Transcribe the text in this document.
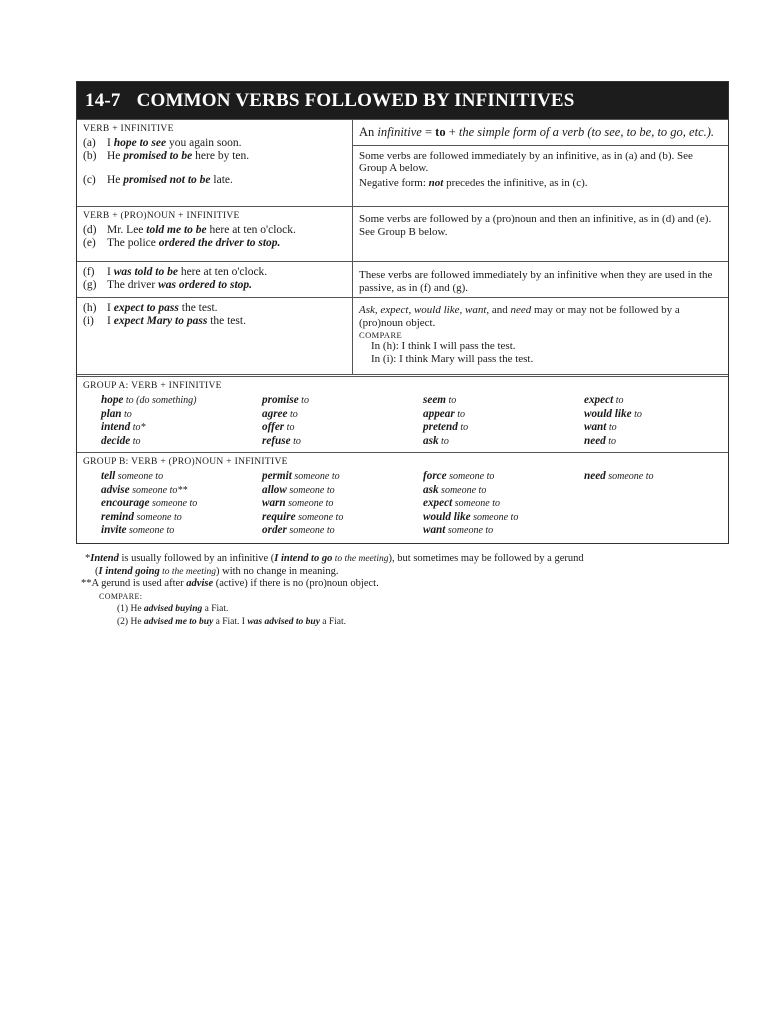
14-7 COMMON VERBS FOLLOWED BY INFINITIVES
VERB + INFINITIVE
(a) I hope to see you again soon.
(b) He promised to be here by ten.
(c) He promised not to be late.
An infinitive = to + the simple form of a verb (to see, to be, to go, etc.).
Some verbs are followed immediately by an infinitive, as in (a) and (b). See Group A below.
Negative form: not precedes the infinitive, as in (c).
VERB + (PRO)NOUN + INFINITIVE
(d) Mr. Lee told me to be here at ten o'clock.
(e) The police ordered the driver to stop.
Some verbs are followed by a (pro)noun and then an infinitive, as in (d) and (e). See Group B below.
(f) I was told to be here at ten o'clock.
(g) The driver was ordered to stop.
These verbs are followed immediately by an infinitive when they are used in the passive, as in (f) and (g).
(h) I expect to pass the test.
(i) I expect Mary to pass the test.
Ask, expect, would like, want, and need may or may not be followed by a (pro)noun object.
COMPARE
In (h): I think I will pass the test.
In (i): I think Mary will pass the test.
GROUP A: VERB + INFINITIVE
hope to (do something)	promise to	seem to	expect to
plan to	agree to	appear to	would like to
intend to*	offer to	pretend to	want to
decide to	refuse to	ask to	need to
GROUP B: VERB + (PRO)NOUN + INFINITIVE
tell someone to	permit someone to	force someone to	need someone to
advise someone to**	allow someone to	ask someone to
encourage someone to	warn someone to	expect someone to
remind someone to	require someone to	would like someone to
invite someone to	order someone to	want someone to
*Intend is usually followed by an infinitive (I intend to go to the meeting), but sometimes may be followed by a gerund
(I intend going to the meeting) with no change in meaning.
**A gerund is used after advise (active) if there is no (pro)noun object.
COMPARE:
(1) He advised buying a Fiat.
(2) He advised me to buy a Fiat. I was advised to buy a Fiat.
